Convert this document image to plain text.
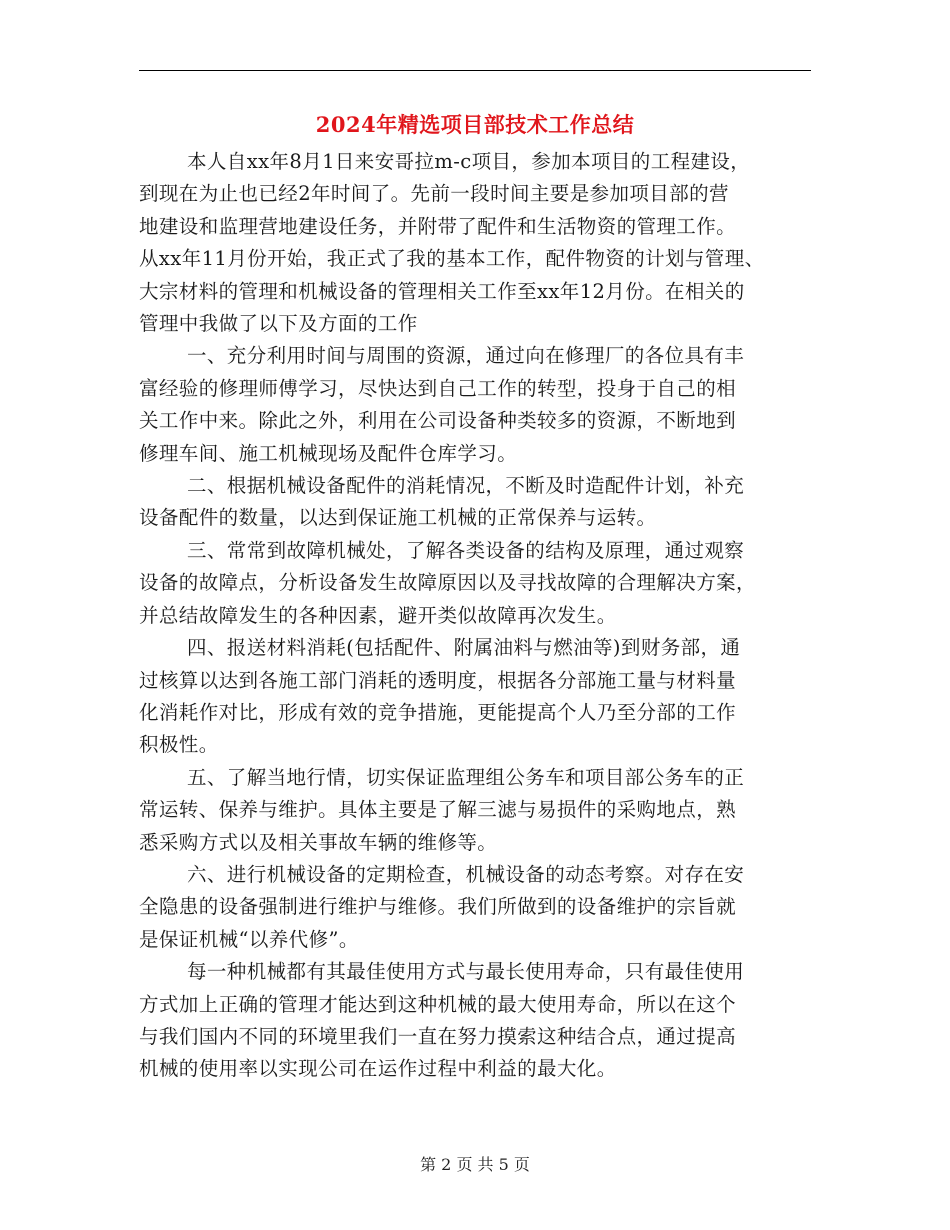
2024年精选项目部技术工作总结
本人自xx年8月1日来安哥拉m-c项目，参加本项目的工程建设，
到现在为止也已经2年时间了。先前一段时间主要是参加项目部的营
地建设和监理营地建设任务，并附带了配件和生活物资的管理工作。
从xx年11月份开始，我正式了我的基本工作，配件物资的计划与管理、
大宗材料的管理和机械设备的管理相关工作至xx年12月份。在相关的
管理中我做了以下及方面的工作
一、充分利用时间与周围的资源，通过向在修理厂的各位具有丰
富经验的修理师傅学习，尽快达到自己工作的转型，投身于自己的相
关工作中来。除此之外，利用在公司设备种类较多的资源，不断地到
修理车间、施工机械现场及配件仓库学习。
二、根据机械设备配件的消耗情况，不断及时造配件计划，补充
设备配件的数量，以达到保证施工机械的正常保养与运转。
三、常常到故障机械处，了解各类设备的结构及原理，通过观察
设备的故障点，分析设备发生故障原因以及寻找故障的合理解决方案，
并总结故障发生的各种因素，避开类似故障再次发生。
四、报送材料消耗(包括配件、附属油料与燃油等)到财务部，通
过核算以达到各施工部门消耗的透明度，根据各分部施工量与材料量
化消耗作对比，形成有效的竞争措施，更能提高个人乃至分部的工作
积极性。
五、了解当地行情，切实保证监理组公务车和项目部公务车的正
常运转、保养与维护。具体主要是了解三滤与易损件的采购地点，熟
悉采购方式以及相关事故车辆的维修等。
六、进行机械设备的定期检查，机械设备的动态考察。对存在安
全隐患的设备强制进行维护与维修。我们所做到的设备维护的宗旨就
是保证机械“以养代修”。
每一种机械都有其最佳使用方式与最长使用寿命，只有最佳使用
方式加上正确的管理才能达到这种机械的最大使用寿命，所以在这个
与我们国内不同的环境里我们一直在努力摸索这种结合点，通过提高
机械的使用率以实现公司在运作过程中利益的最大化。
第 2 页 共 5 页
